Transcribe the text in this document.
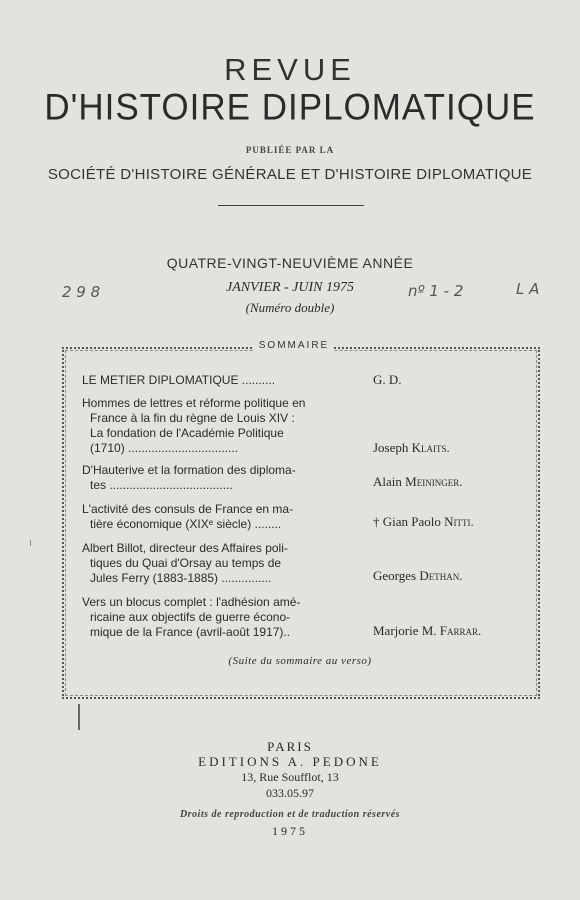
REVUE
D'HISTOIRE DIPLOMATIQUE
PUBLIÉE PAR LA
SOCIÉTÉ D'HISTOIRE GÉNÉRALE ET D'HISTOIRE DIPLOMATIQUE
QUATRE-VINGT-NEUVIÈME ANNÉE
JANVIER - JUIN 1975
(Numéro double)
2 9 8	nº 1 - 2	L A
SOMMAIRE
LE METIER DIPLOMATIQUE ..........	G. D.
Hommes de lettres et réforme politique en
France à la fin du règne de Louis XIV :
La fondation de l'Académie Politique
(1710) .................................	Joseph Klaits.
D'Hauterive et la formation des diploma-
tes .....................................	Alain Meininger.
L'activité des consuls de France en ma-
tière économique (XIXᵉ siècle) ........	† Gian Paolo Nitti.
Albert Billot, directeur des Affaires poli-
tiques du Quai d'Orsay au temps de
Jules Ferry (1883-1885) ...............	Georges Dethan.
Vers un blocus complet : l'adhésion amé-
ricaine aux objectifs de guerre écono-
mique de la France (avril-août 1917)..	Marjorie M. Farrar.
(Suite du sommaire au verso)
PARIS
EDITIONS A. PEDONE
13, Rue Soufflot, 13
033.05.97
Droits de reproduction et de traduction réservés
1975
